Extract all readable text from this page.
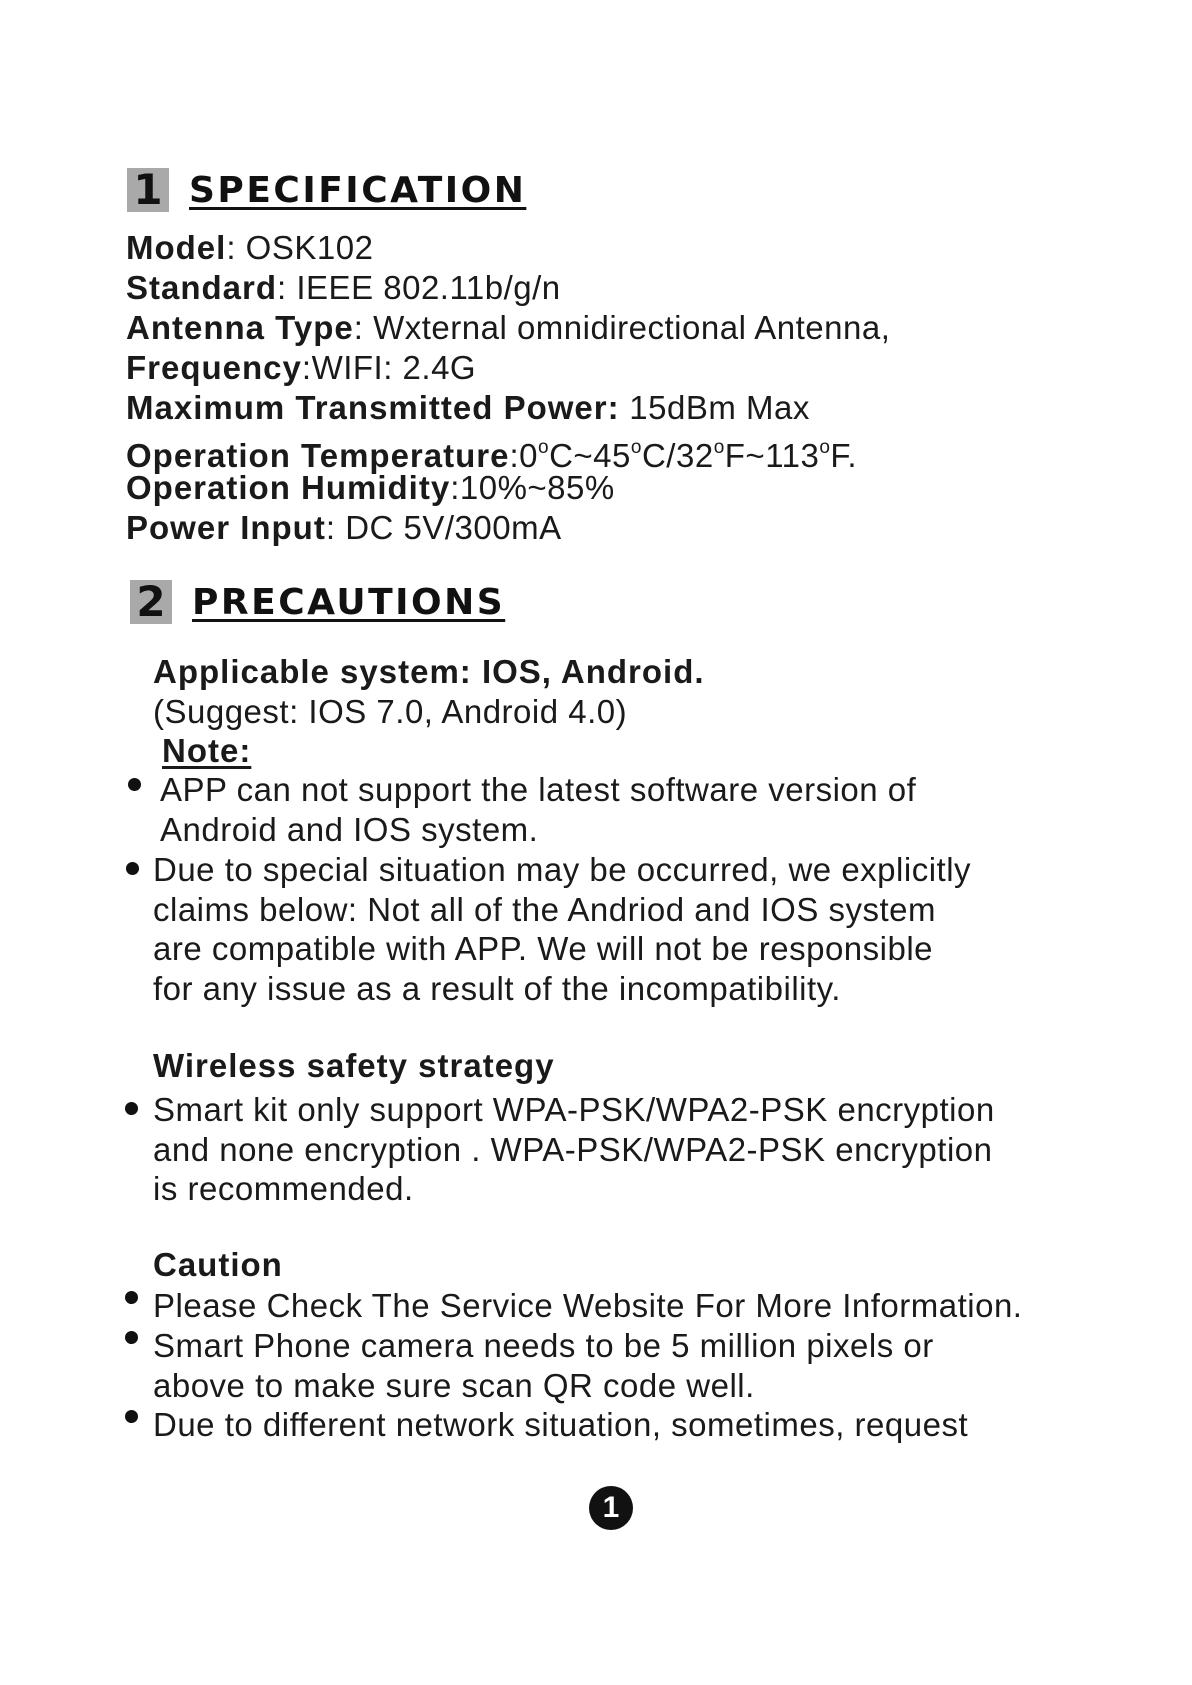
1 SPECIFICATION
Model: OSK102
Standard: IEEE 802.11b/g/n
Antenna Type: Wxternal omnidirectional Antenna,
Frequency:WIFI: 2.4G
Maximum Transmitted Power: 15dBm Max
Operation Temperature:0$^o$C~45$^o$C/32$^o$F~113$^o$F.
Operation Humidity:10%~85%
Power Input: DC 5V/300mA
2 PRECAUTIONS
Applicable system: IOS, Android.
(Suggest: IOS 7.0, Android 4.0)
Note:
APP can not support the latest software version of
Android and IOS system.
Due to special situation may be occurred, we explicitly
claims below: Not all of the Andriod and IOS system
are compatible with APP. We will not be responsible
for any issue as a result of the incompatibility.
Wireless safety strategy
Smart kit only support WPA-PSK/WPA2-PSK encryption
and none encryption . WPA-PSK/WPA2-PSK encryption
is recommended.
Caution
Please Check The Service Website For More Information.
Smart Phone camera needs to be 5 million pixels or
above to make sure scan QR code well.
Due to different network situation, sometimes, request
1
